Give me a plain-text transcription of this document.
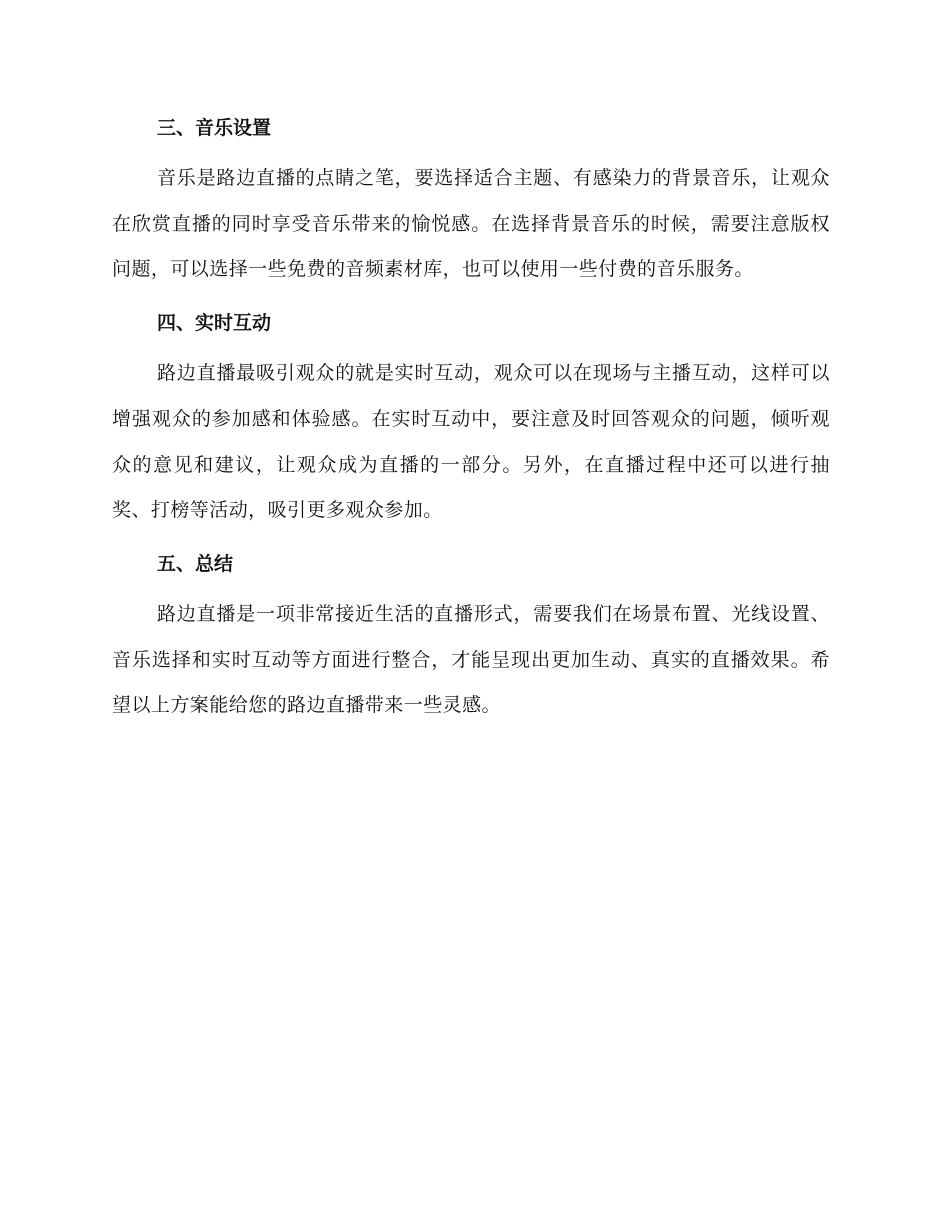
三、音乐设置

音乐是路边直播的点睛之笔，要选择适合主题、有感染力的背景音乐，让观众在欣赏直播的同时享受音乐带来的愉悦感。在选择背景音乐的时候，需要注意版权问题，可以选择一些免费的音频素材库，也可以使用一些付费的音乐服务。

四、实时互动

路边直播最吸引观众的就是实时互动，观众可以在现场与主播互动，这样可以增强观众的参加感和体验感。在实时互动中，要注意及时回答观众的问题，倾听观众的意见和建议，让观众成为直播的一部分。另外，在直播过程中还可以进行抽奖、打榜等活动，吸引更多观众参加。

五、总结

路边直播是一项非常接近生活的直播形式，需要我们在场景布置、光线设置、音乐选择和实时互动等方面进行整合，才能呈现出更加生动、真实的直播效果。希望以上方案能给您的路边直播带来一些灵感。
